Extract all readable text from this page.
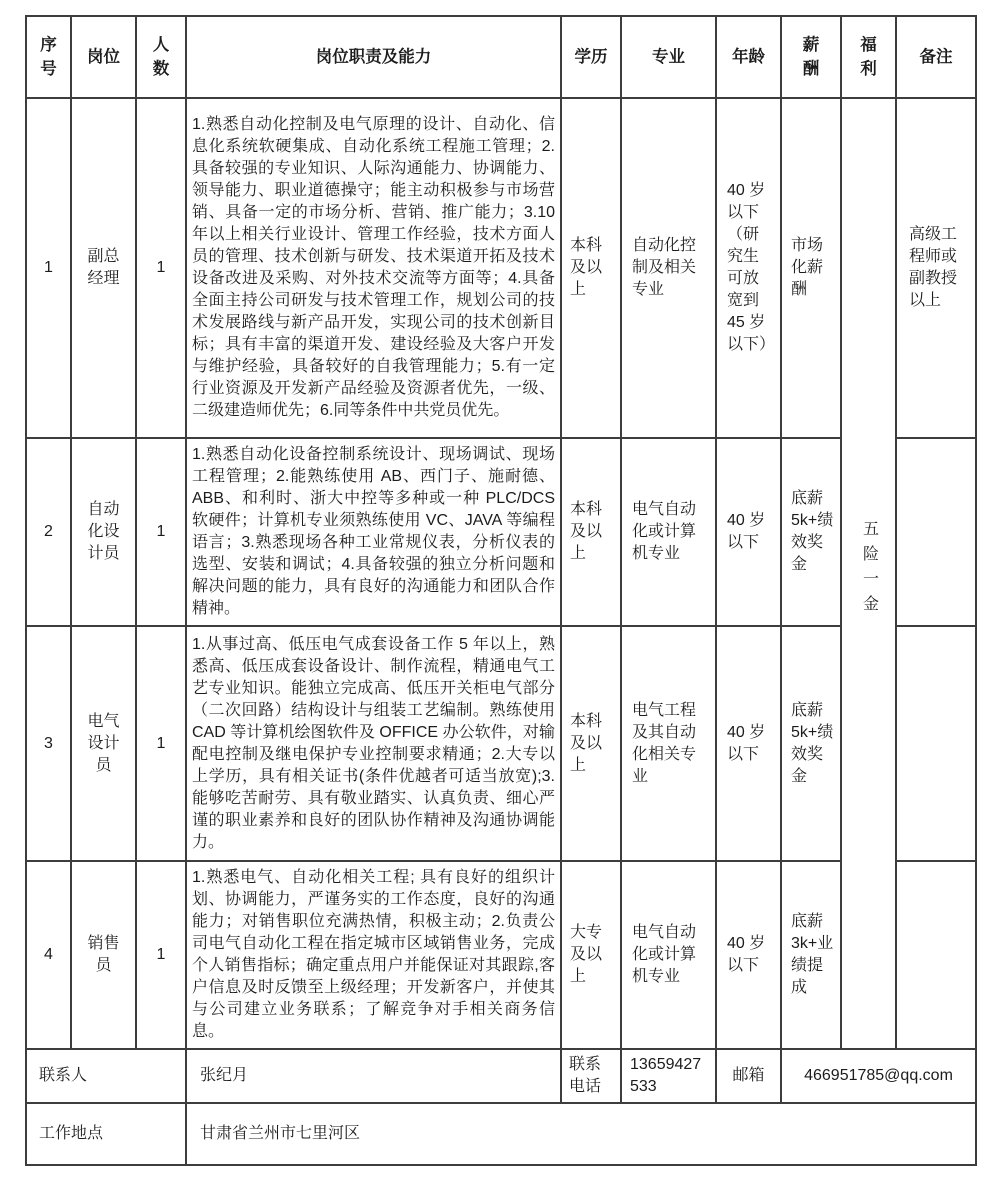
序号	岗位	人数	岗位职责及能力	学历	专业	年龄	薪酬	福利	备注
1	副总经理	1	1.熟悉自动化控制及电气原理的设计、自动化、信息化系统软硬集成、自动化系统工程施工管理；2.具备较强的专业知识、人际沟通能力、协调能力、领导能力、职业道德操守；能主动积极参与市场营销、具备一定的市场分析、营销、推广能力；3.10 年以上相关行业设计、管理工作经验，技术方面人员的管理、技术创新与研发、技术渠道开拓及技术设备改进及采购、对外技术交流等方面等；4.具备全面主持公司研发与技术管理工作，规划公司的技术发展路线与新产品开发，实现公司的技术创新目标；具有丰富的渠道开发、建设经验及大客户开发与维护经验，具备较好的自我管理能力；5.有一定行业资源及开发新产品经验及资源者优先，一级、二级建造师优先；6.同等条件中共党员优先。	本科及以上	自动化控制及相关专业	40 岁以下（研究生可放宽到 45 岁以下）	市场化薪酬	五险一金	高级工程师或副教授以上
2	自动化设计员	1	1.熟悉自动化设备控制系统设计、现场调试、现场工程管理；2.能熟练使用 AB、西门子、施耐德、ABB、和利时、浙大中控等多种或一种 PLC/DCS 软硬件；计算机专业须熟练使用 VC、JAVA 等编程语言；3.熟悉现场各种工业常规仪表，分析仪表的选型、安装和调试；4.具备较强的独立分析问题和解决问题的能力，具有良好的沟通能力和团队合作精神。	本科及以上	电气自动化或计算机专业	40 岁以下	底薪5k+绩效奖金		
3	电气设计员	1	1.从事过高、低压电气成套设备工作 5 年以上，熟悉高、低压成套设备设计、制作流程，精通电气工艺专业知识。能独立完成高、低压开关柜电气部分（二次回路）结构设计与组装工艺编制。熟练使用 CAD 等计算机绘图软件及 OFFICE 办公软件，对输配电控制及继电保护专业控制要求精通；2.大专以上学历，具有相关证书(条件优越者可适当放宽);3.能够吃苦耐劳、具有敬业踏实、认真负责、细心严谨的职业素养和良好的团队协作精神及沟通协调能力。	本科及以上	电气工程及其自动化相关专业	40 岁以下	底薪5k+绩效奖金		
4	销售员	1	1.熟悉电气、自动化相关工程; 具有良好的组织计划、协调能力，严谨务实的工作态度，良好的沟通能力；对销售职位充满热情，积极主动；2.负责公司电气自动化工程在指定城市区域销售业务，完成个人销售指标；确定重点用户并能保证对其跟踪,客户信息及时反馈至上级经理；开发新客户，并使其与公司建立业务联系；了解竞争对手相关商务信息。	大专及以上	电气自动化或计算机专业	40 岁以下	底薪3k+业绩提成		
联系人			张纪月	联系电话	13659427533	邮箱	466951785@qq.com		
工作地点			甘肃省兰州市七里河区						
